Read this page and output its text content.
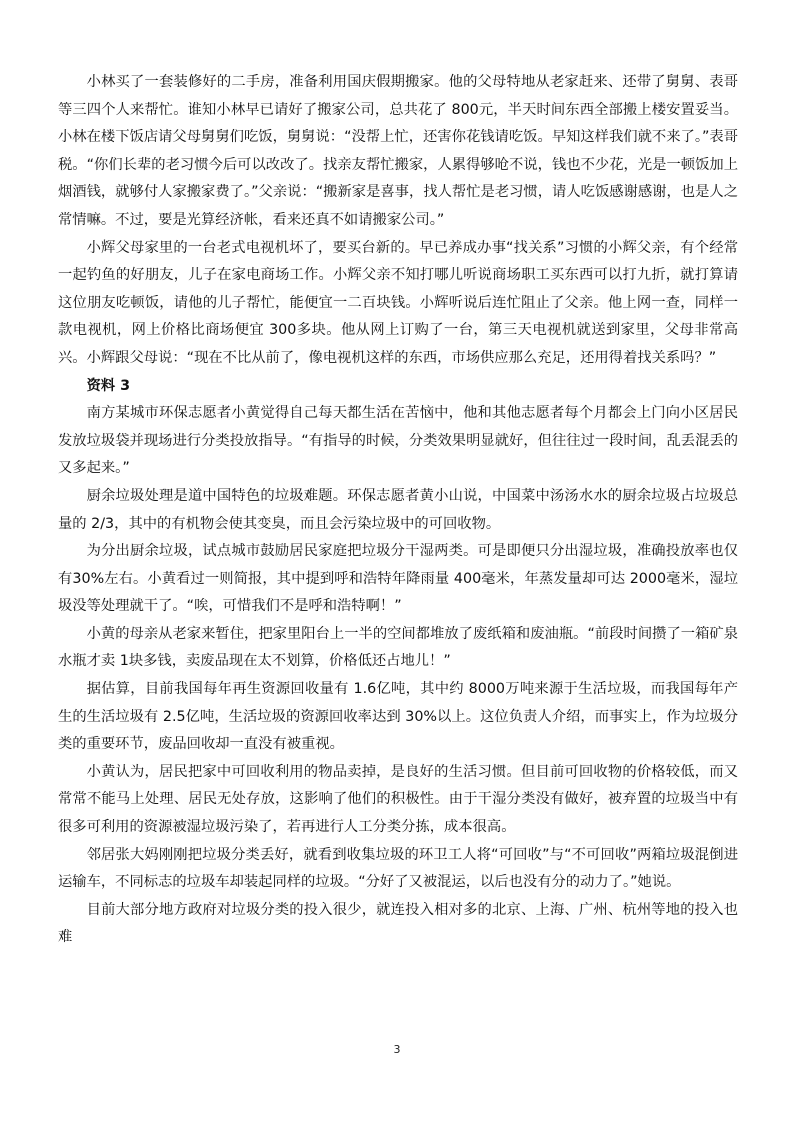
小林买了一套装修好的二手房，准备利用国庆假期搬家。他的父母特地从老家赶来、还带了舅舅、表哥等三四个人来帮忙。谁知小林早已请好了搬家公司，总共花了 800元，半天时间东西全部搬上楼安置妥当。小林在楼下饭店请父母舅舅们吃饭，舅舅说：“没帮上忙，还害你花钱请吃饭。早知这样我们就不来了。”表哥税。“你们长辈的老习惯今后可以改改了。找亲友帮忙搬家，人累得够呛不说，钱也不少花，光是一顿饭加上烟酒钱，就够付人家搬家费了。”父亲说：“搬新家是喜事，找人帮忙是老习惯，请人吃饭感谢感谢，也是人之常情嘛。不过，要是光算经济帐，看来还真不如请搬家公司。”

小辉父母家里的一台老式电视机坏了，要买台新的。早已养成办事“找关系”习惯的小辉父亲，有个经常一起钓鱼的好朋友，儿子在家电商场工作。小辉父亲不知打哪儿听说商场职工买东西可以打九折，就打算请这位朋友吃顿饭，请他的儿子帮忙，能便宜一二百块钱。小辉听说后连忙阻止了父亲。他上网一查，同样一款电视机，网上价格比商场便宜 300多块。他从网上订购了一台，第三天电视机就送到家里，父母非常高兴。小辉跟父母说：“现在不比从前了，像电视机这样的东西，市场供应那么充足，还用得着找关系吗？”

资料 3

南方某城市环保志愿者小黄觉得自己每天都生活在苦恼中，他和其他志愿者每个月都会上门向小区居民发放垃圾袋并现场进行分类投放指导。“有指导的时候，分类效果明显就好，但往往过一段时间，乱丢混丢的又多起来。”

厨余垃圾处理是道中国特色的垃圾难题。环保志愿者黄小山说，中国菜中汤汤水水的厨余垃圾占垃圾总量的 2/3，其中的有机物会使其变臭，而且会污染垃圾中的可回收物。

为分出厨余垃圾，试点城市鼓励居民家庭把垃圾分干湿两类。可是即便只分出湿垃圾，准确投放率也仅有30%左右。小黄看过一则简报，其中提到呼和浩特年降雨量 400毫米，年蒸发量却可达 2000毫米，湿垃圾没等处理就干了。“唉，可惜我们不是呼和浩特啊！”

小黄的母亲从老家来暂住，把家里阳台上一半的空间都堆放了废纸箱和废油瓶。“前段时间攒了一箱矿泉水瓶才卖 1块多钱，卖废品现在太不划算，价格低还占地儿！”

据估算，目前我国每年再生资源回收量有 1.6亿吨，其中约 8000万吨来源于生活垃圾，而我国每年产生的生活垃圾有 2.5亿吨，生活垃圾的资源回收率达到 30%以上。这位负责人介绍，而事实上，作为垃圾分类的重要环节，废品回收却一直没有被重视。

小黄认为，居民把家中可回收利用的物品卖掉，是良好的生活习惯。但目前可回收物的价格较低，而又常常不能马上处理、居民无处存放，这影响了他们的积极性。由于干湿分类没有做好，被弃置的垃圾当中有很多可利用的资源被湿垃圾污染了，若再进行人工分类分拣，成本很高。

邻居张大妈刚刚把垃圾分类丢好，就看到收集垃圾的环卫工人将“可回收”与“不可回收”两箱垃圾混倒进运输车，不同标志的垃圾车却装起同样的垃圾。“分好了又被混运，以后也没有分的动力了。”她说。

目前大部分地方政府对垃圾分类的投入很少，就连投入相对多的北京、上海、广州、杭州等地的投入也难

3
